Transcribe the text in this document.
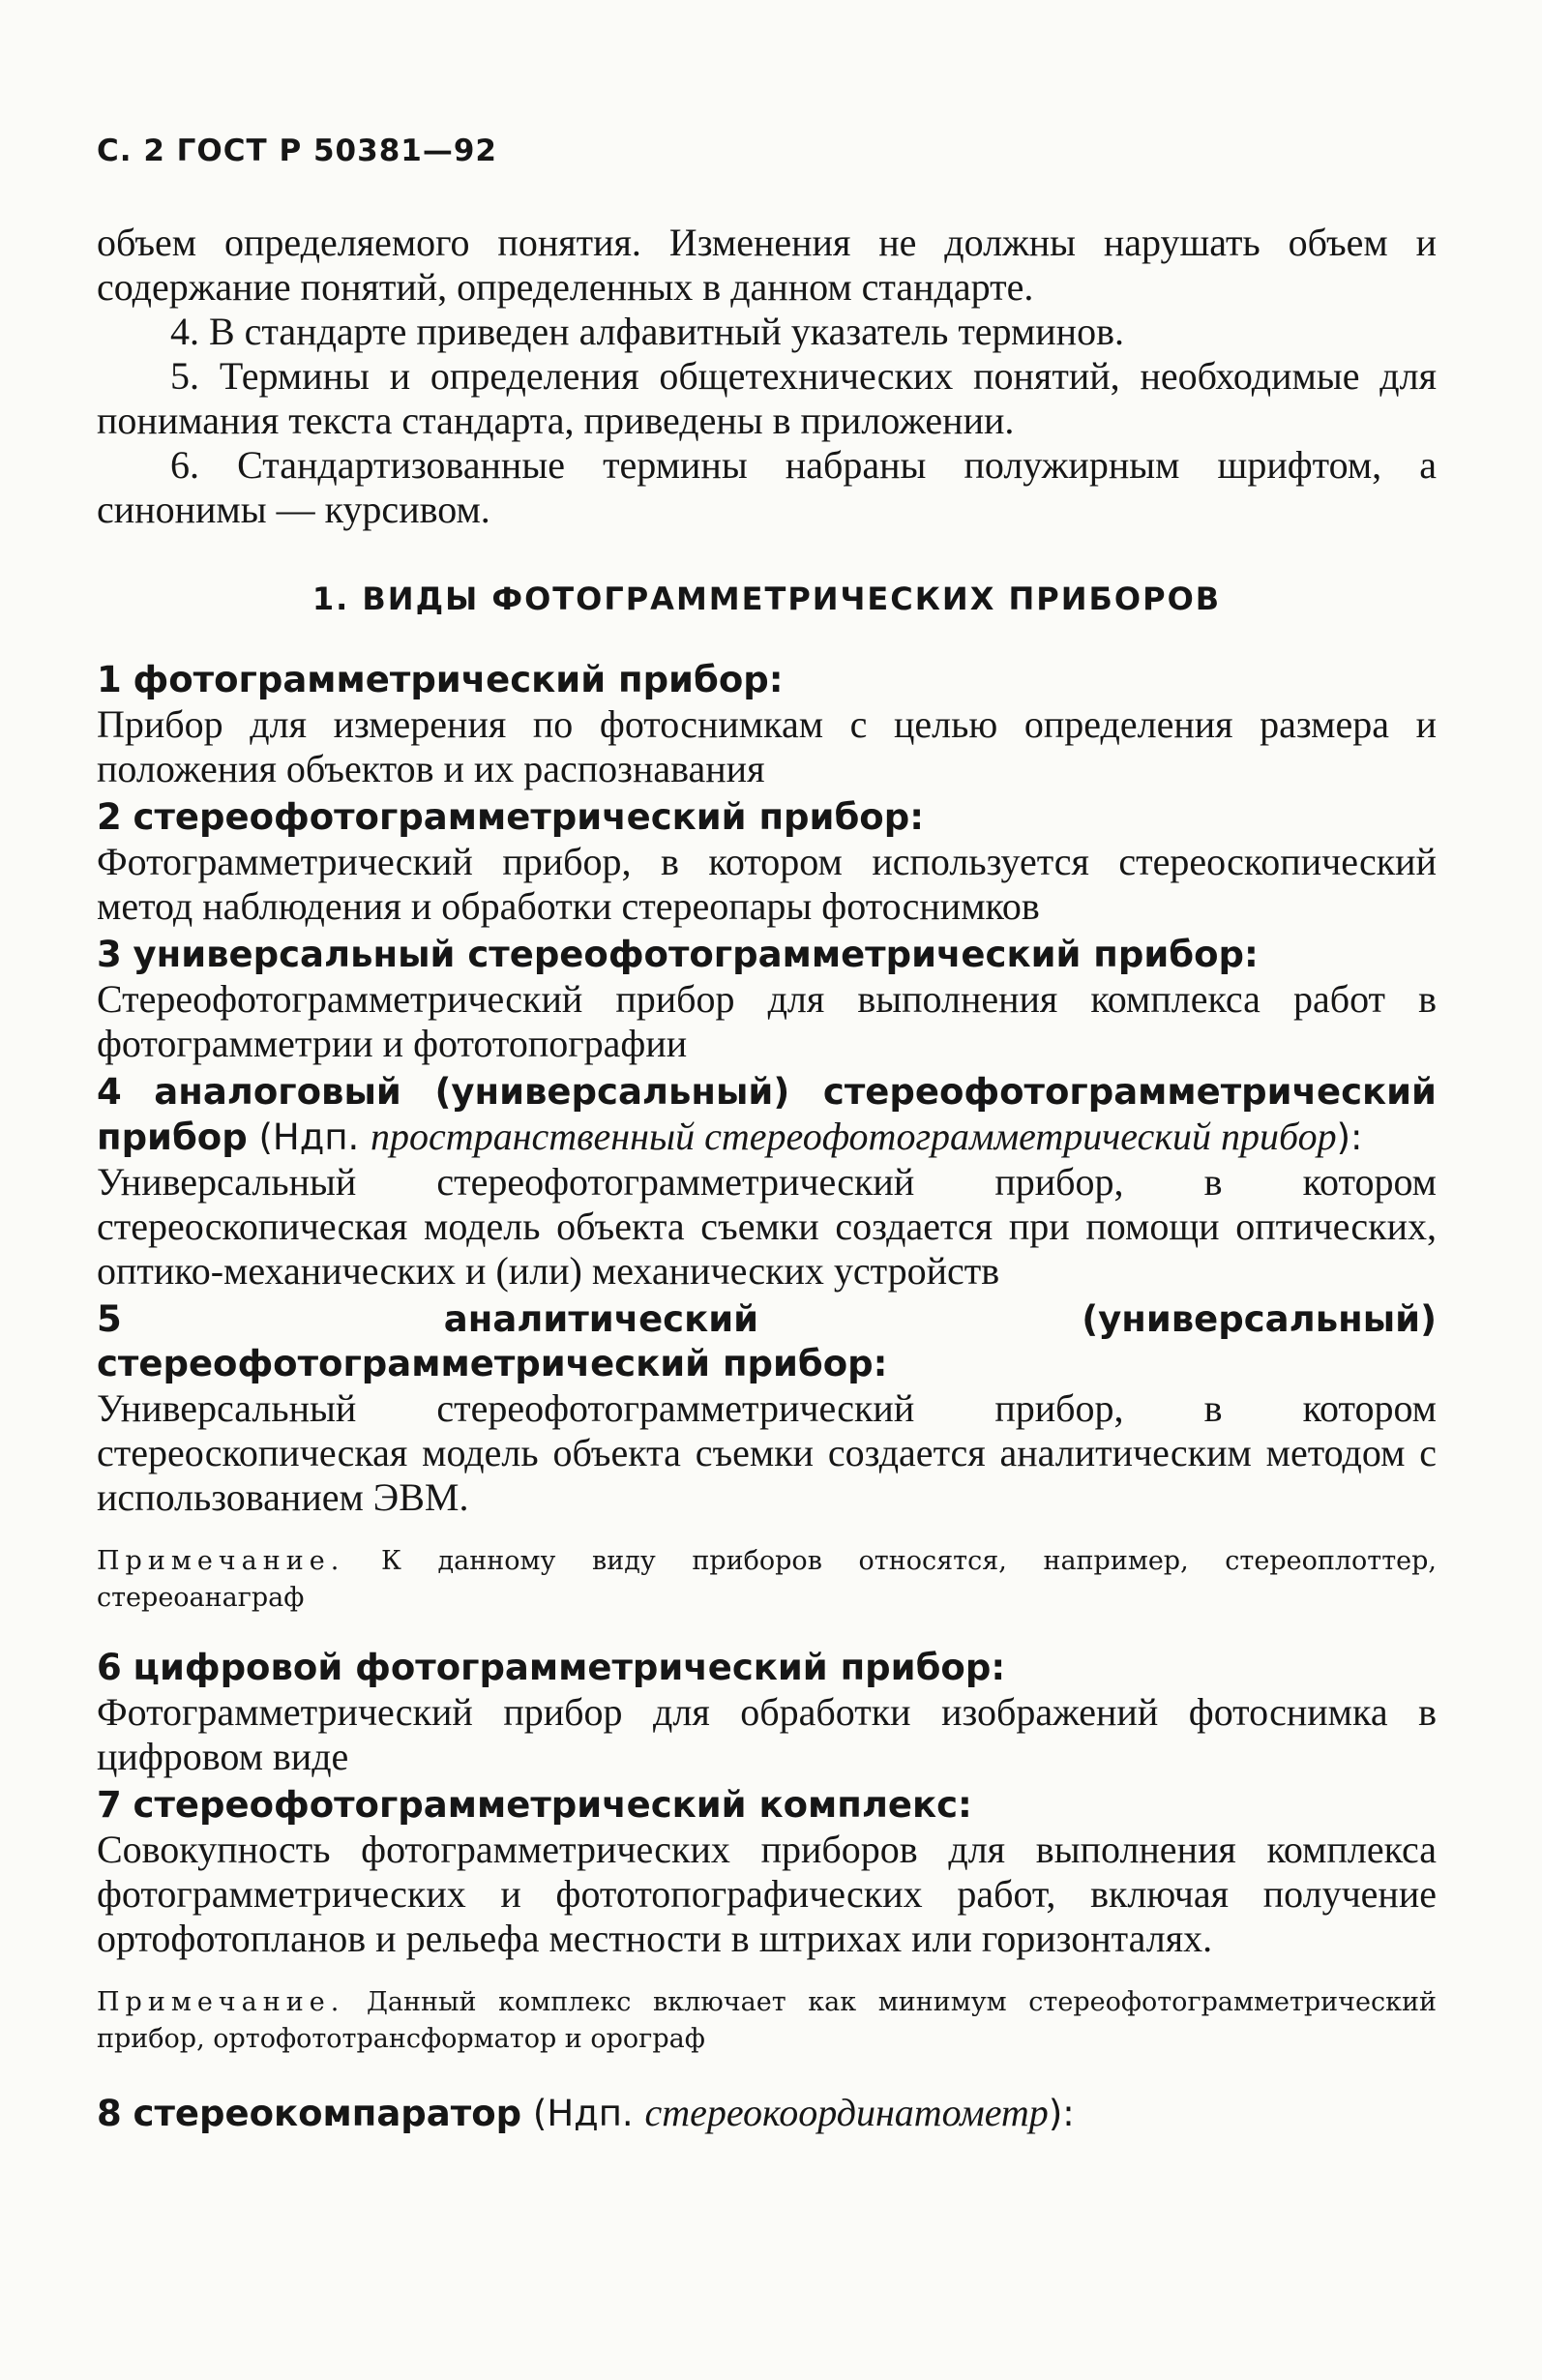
С. 2 ГОСТ Р 50381—92

объем определяемого понятия. Изменения не должны нарушать объем и содержание понятий, определенных в данном стандарте.

4. В стандарте приведен алфавитный указатель терминов.

5. Термины и определения общетехнических понятий, необходимые для понимания текста стандарта, приведены в приложении.

6. Стандартизованные термины набраны полужирным шрифтом, а синонимы — курсивом.

1. ВИДЫ ФОТОГРАММЕТРИЧЕСКИХ ПРИБОРОВ

1 фотограмметрический прибор:

Прибор для измерения по фотоснимкам с целью определения размера и положения объектов и их распознавания

2 стереофотограмметрический прибор:

Фотограмметрический прибор, в котором используется стереоскопический метод наблюдения и обработки стереопары фотоснимков

3 универсальный стереофотограмметрический прибор:

Стереофотограмметрический прибор для выполнения комплекса работ в фотограмметрии и фототопографии

4 аналоговый (универсальный) стереофотограмметрический прибор (Ндп. пространственный стереофотограмметрический прибор):

Универсальный стереофотограмметрический прибор, в котором стереоскопическая модель объекта съемки создается при помощи оптических, оптико-механических и (или) механических устройств

5	аналитический (универсальный) стереофотограмметрический прибор:

Универсальный стереофотограмметрический прибор, в котором стереоскопическая модель объекта съемки создается аналитическим методом с использованием ЭВМ.

Примечание. К данному виду приборов относятся, например, стереоплоттер, стереоанаграф

6 цифровой фотограмметрический прибор:

Фотограмметрический прибор для обработки изображений фотоснимка в цифровом виде

7 стереофотограмметрический комплекс:

Совокупность фотограмметрических приборов для выполнения комплекса фотограмметрических и фототопографических работ, включая получение ортофотопланов и рельефа местности в штрихах или горизонталях.

Примечание. Данный комплекс включает как минимум стереофотограмметрический прибор, ортофототрансформатор и орограф

8 стереокомпаратор (Ндп. стереокоординатометр):
